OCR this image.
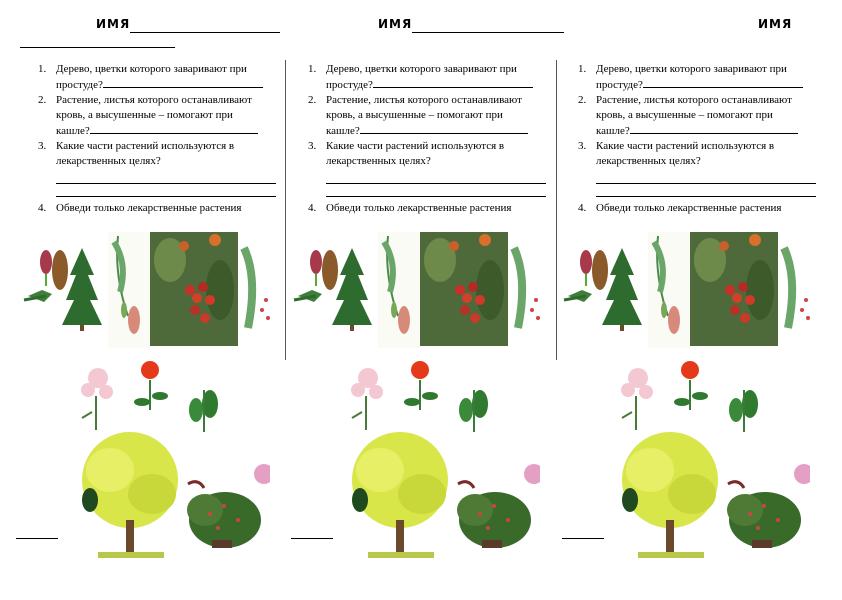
ИМЯ	ИМЯ	ИМЯ
1. Дерево, цветки которого заваривают при простуде?
2. Растение, листья которого останавливают кровь, а высушенные – помогают при кашле?
3. Какие части растений используются в лекарственных целях?
4. Обведи только лекарственные растения
1. Дерево, цветки которого заваривают при простуде?
2. Растение, листья которого останавливают кровь, а высушенные – помогают при кашле?
3. Какие части растений используются в лекарственных целях?
4. Обведи только лекарственные растения
1. Дерево, цветки которого заваривают при простуде?
2. Растение, листья которого останавливают кровь, а высушенные – помогают при кашле?
3. Какие части растений используются в лекарственных целях?
4. Обведи только лекарственные растения
